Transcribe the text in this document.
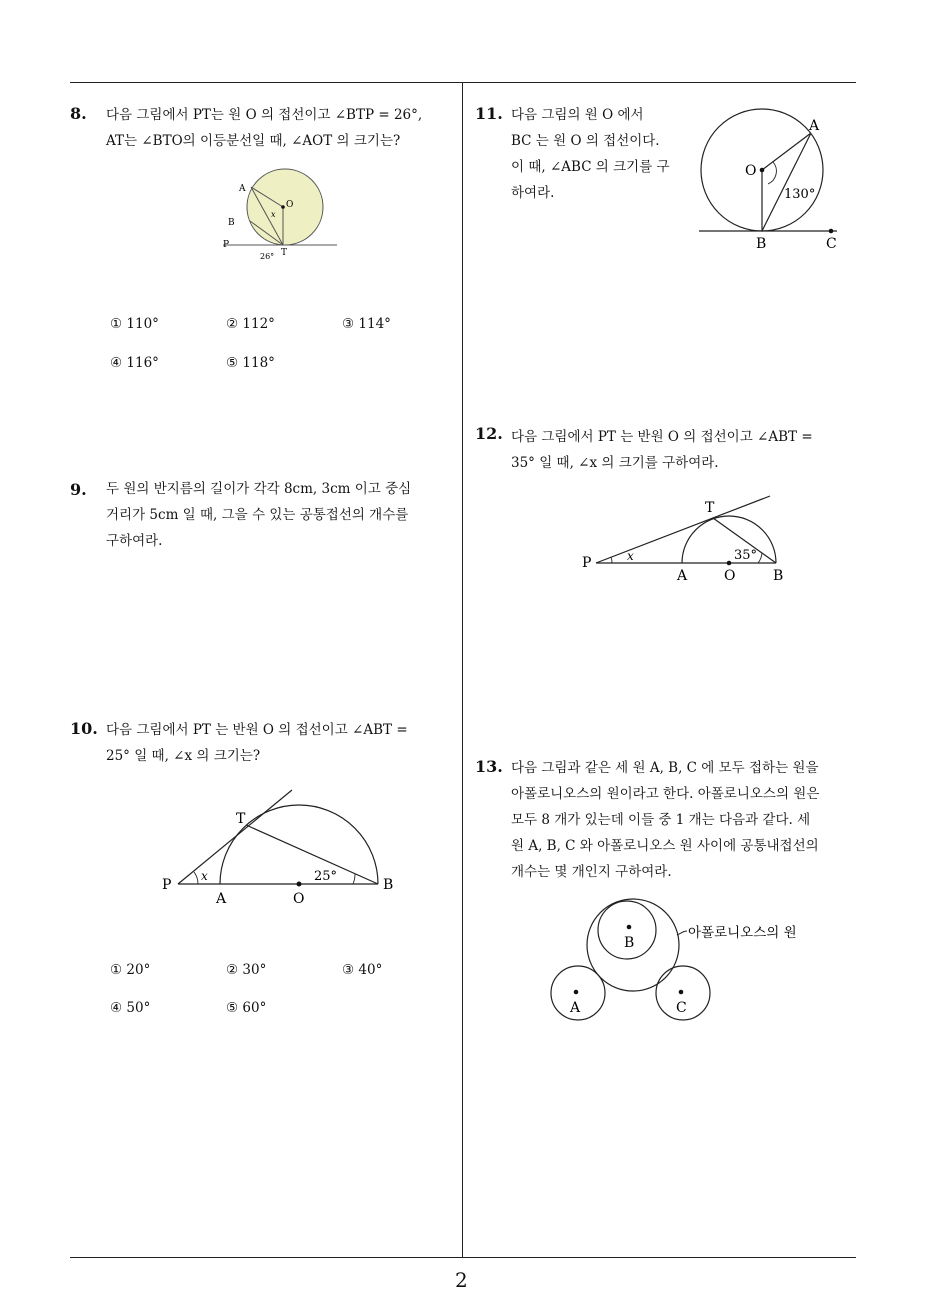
2
8. 다음 그림에서 PT는 원 O 의 접선이고 ∠BTP = 26°,
AT는 ∠BTO의 이등분선일 때, ∠AOT 의 크기는?
A
B
P
O
T
x
26°
① 110°	② 112°	③ 114°
④ 116°	⑤ 118°
9. 두 원의 반지름의 길이가 각각 8cm, 3cm 이고 중심
거리가 5cm 일 때, 그을 수 있는 공통접선의 개수를
구하여라.
10. 다음 그림에서 PT 는 반원 O 의 접선이고 ∠ABT =
25° 일 때, ∠x 의 크기는?
T
P
A	O
B
x	25°
① 20°	② 30°	③ 40°
④ 50°	⑤ 60°
11. 다음 그림의 원 O 에서
BC 는 원 O 의 접선이다.
이 때, ∠ABC 의 크기를 구
하여라.
A
O
B	C
130°
12. 다음 그림에서 PT 는 반원 O 의 접선이고 ∠ABT =
35° 일 때, ∠x 의 크기를 구하여라.
T
P
A	O	B
x	35°
13. 다음 그림과 같은 세 원 A, B, C 에 모두 접하는 원을
아폴로니오스의 원이라고 한다. 아폴로니오스의 원은
모두 8 개가 있는데 이들 중 1 개는 다음과 같다. 세
원 A, B, C 와 아폴로니오스 원 사이에 공통내접선의
개수는 몇 개인지 구하여라.
B
A	C
아폴로니오스의 원
